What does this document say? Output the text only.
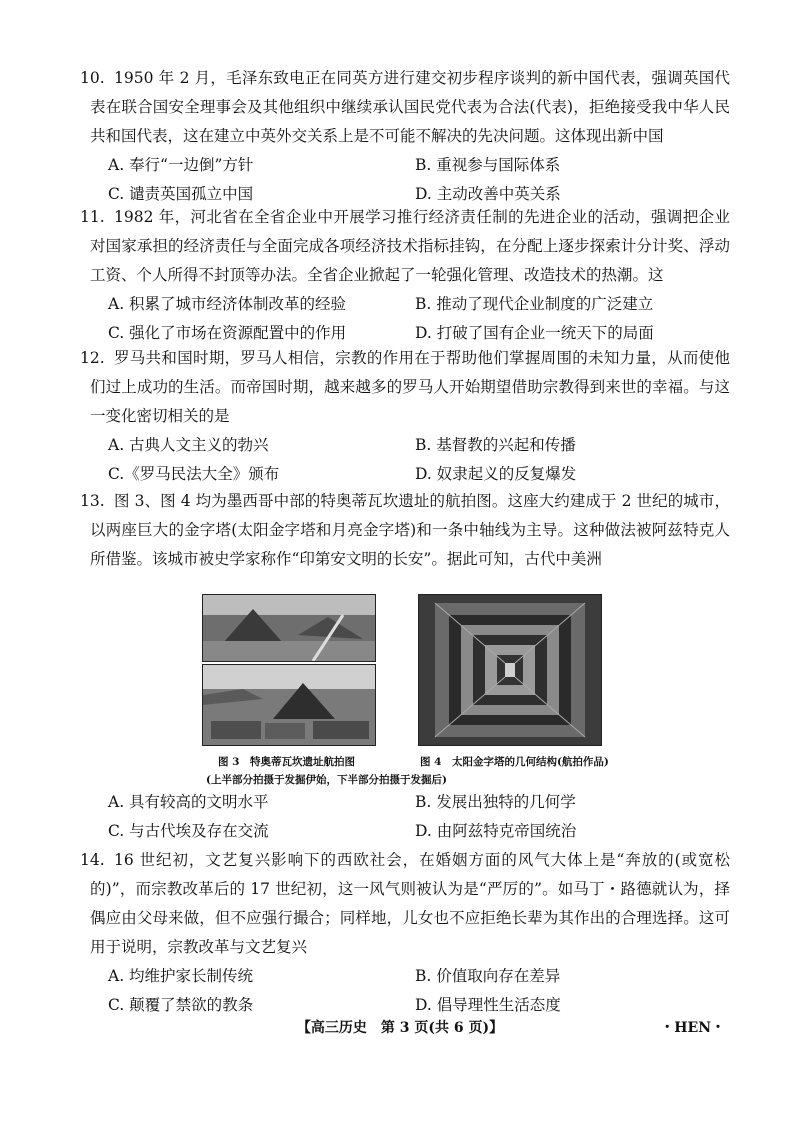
10. 1950 年 2 月，毛泽东致电正在同英方进行建交初步程序谈判的新中国代表，强调英国代表在联合国安全理事会及其他组织中继续承认国民党代表为合法(代表)，拒绝接受我中华人民共和国代表，这在建立中英外交关系上是不可能不解决的先决问题。这体现出新中国
A. 奉行“一边倒”方针	B. 重视参与国际体系
C. 谴责英国孤立中国	D. 主动改善中英关系
11. 1982 年，河北省在全省企业中开展学习推行经济责任制的先进企业的活动，强调把企业对国家承担的经济责任与全面完成各项经济技术指标挂钩，在分配上逐步探索计分计奖、浮动工资、个人所得不封顶等办法。全省企业掀起了一轮强化管理、改造技术的热潮。这
A. 积累了城市经济体制改革的经验	B. 推动了现代企业制度的广泛建立
C. 强化了市场在资源配置中的作用	D. 打破了国有企业一统天下的局面
12. 罗马共和国时期，罗马人相信，宗教的作用在于帮助他们掌握周围的未知力量，从而使他们过上成功的生活。而帝国时期，越来越多的罗马人开始期望借助宗教得到来世的幸福。与这一变化密切相关的是
A. 古典人文主义的勃兴	B. 基督教的兴起和传播
C.《罗马民法大全》颁布	D. 奴隶起义的反复爆发
13. 图 3、图 4 均为墨西哥中部的特奥蒂瓦坎遗址的航拍图。这座大约建成于 2 世纪的城市，以两座巨大的金字塔(太阳金字塔和月亮金字塔)和一条中轴线为主导。这种做法被阿兹特克人所借鉴。该城市被史学家称作“印第安文明的长安”。据此可知，古代中美洲
图 3　特奥蒂瓦坎遗址航拍图
(上半部分拍摄于发掘伊始，下半部分拍摄于发掘后)
图 4　太阳金字塔的几何结构(航拍作品)
A. 具有较高的文明水平	B. 发展出独特的几何学
C. 与古代埃及存在交流	D. 由阿兹特克帝国统治
14. 16 世纪初，文艺复兴影响下的西欧社会，在婚姻方面的风气大体上是“奔放的(或宽松的)”，而宗教改革后的 17 世纪初，这一风气则被认为是“严厉的”。如马丁・路德就认为，择偶应由父母来做，但不应强行撮合；同样地，儿女也不应拒绝长辈为其作出的合理选择。这可用于说明，宗教改革与文艺复兴
A. 均维护家长制传统	B. 价值取向存在差异
C. 颠覆了禁欲的教条	D. 倡导理性生活态度
【高三历史　第 3 页(共 6 页)】	・HEN・
